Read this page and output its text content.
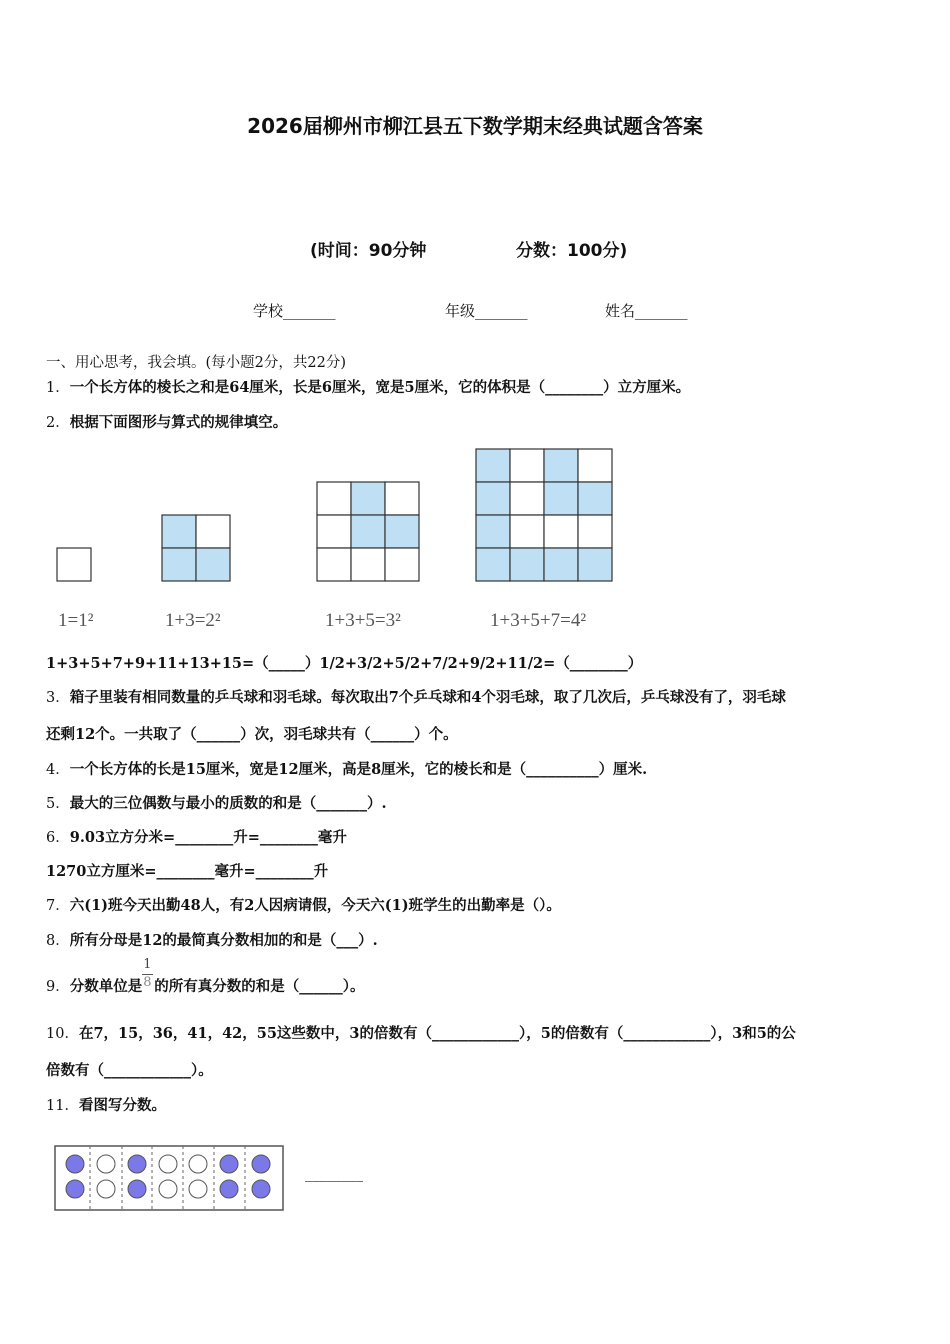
2026届柳州市柳江县五下数学期末经典试题含答案
(时间：90分钟	分数：100分)
学校_______	年级_______	姓名_______
一、用心思考，我会填。(每小题2分，共22分)
1．一个长方体的棱长之和是64厘米，长是6厘米，宽是5厘米，它的体积是（________）立方厘米。
2．根据下面图形与算式的规律填空。
1=1²	1+3=2²	1+3+5=3²	1+3+5+7=4²
1+3+5+7+9+11+13+15=（_____）1/2+3/2+5/2+7/2+9/2+11/2=（________）
3．箱子里装有相同数量的乒乓球和羽毛球。每次取出7个乒乓球和4个羽毛球，取了几次后，乒乓球没有了，羽毛球
还剩12个。一共取了（______）次，羽毛球共有（______）个。
4．一个长方体的长是15厘米，宽是12厘米，高是8厘米，它的棱长和是（__________）厘米.
5．最大的三位偶数与最小的质数的和是（_______）.
6．9.03立方分米=________升=________毫升
1270立方厘米=________毫升=________升
7．六(1)班今天出勤48人，有2人因病请假，今天六(1)班学生的出勤率是（）。
8．所有分母是12的最简真分数相加的和是（___）.
9．分数单位是 $\frac{1}{8}$ 的所有真分数的和是（______）。
10．在7，15，36，41，42，55这些数中，3的倍数有（____________），5的倍数有（____________），3和5的公
倍数有（____________）。
11．看图写分数。
________
